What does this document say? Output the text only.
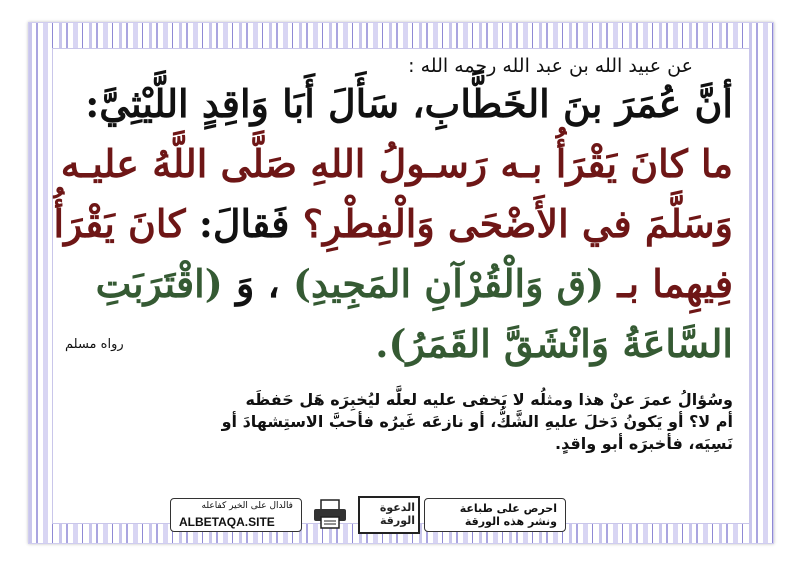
عن عبيد الله بن عبد الله رحمه الله :
أنَّ عُمَرَ بنَ الخَطَّابِ، سَأَلَ أَبَا وَاقِدٍ اللَّيْثِيَّ:
ما كانَ يَقْرَأُ بـه رَسـولُ اللهِ صَلَّى اللَّهُ عليـه
وَسَلَّمَ في الأَضْحَى وَالْفِطْرِ؟ فَقالَ: كانَ يَقْرَأُ
فِيهِما بـ (ق وَالْقُرْآنِ المَجِيدِ) ، وَ (اقْتَرَبَتِ
السَّاعَةُ وَانْشَقَّ القَمَرُ).
رواه مسلم
وسُؤالُ عمرَ عنْ هذا ومثلُه لا يَخفى عليه لعلَّه ليُخبِرَه هَل حَفظَه
أم لا؟ أو يَكونُ دَخلَ عليهِ الشَّكُّ، أو نازعَه غَيرُه فأحبَّ الاستِشهادَ أو
نَسِيَه، فأخبرَه أبو واقدٍ.
فالدال على الخير كفاعله
ALBETAQA.SITE
الدعوة الورقة
احرص على طباعة
ونشر هذه الورقة
